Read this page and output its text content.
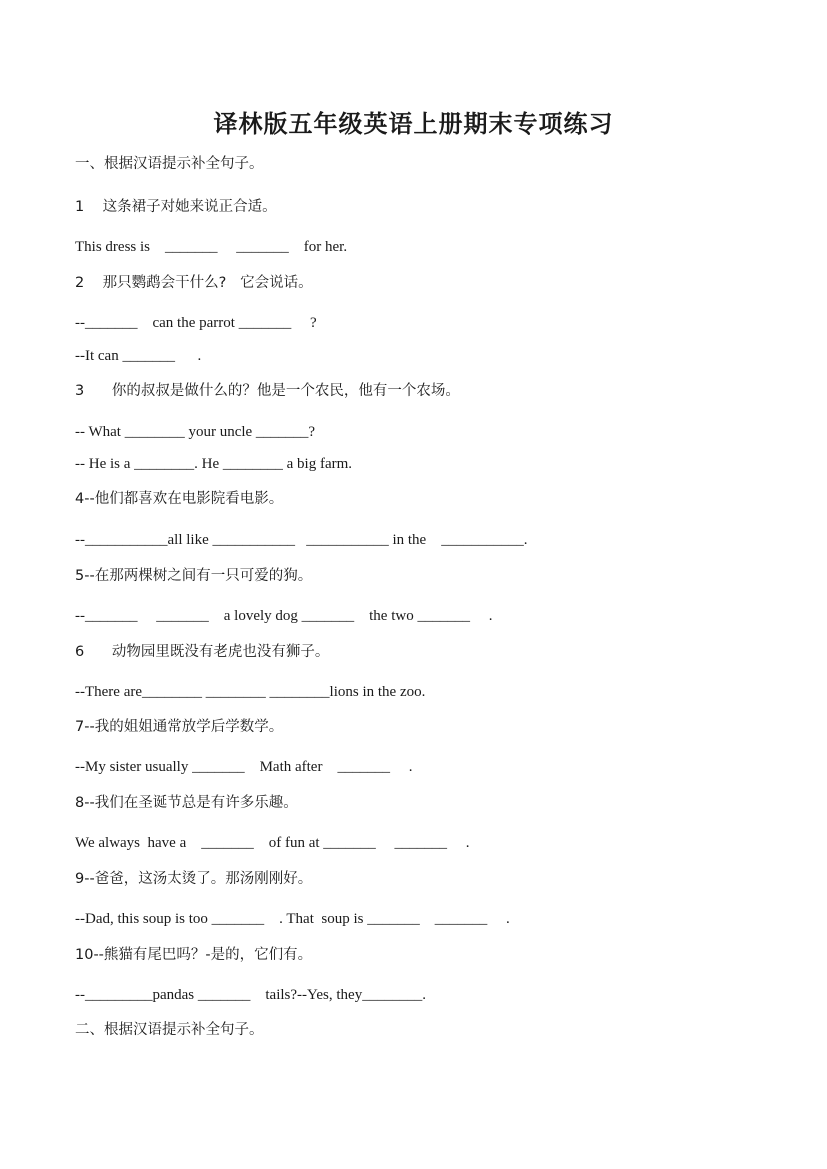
译林版五年级英语上册期末专项练习
一、根据汉语提示补全句子。
1    这条裙子对她来说正合适。
This dress is    _______     _______    for her.
2    那只鹦鹉会干什么?   它会说话。
--_______    can the parrot _______     ?
--It can _______      .
3      你的叔叔是做什么的？他是一个农民，他有一个农场。
-- What ________ your uncle _______?
-- He is a ________. He ________ a big farm.
4--他们都喜欢在电影院看电影。
--___________all like ___________   ___________ in the    ___________.
5--在那两棵树之间有一只可爱的狗。
--_______     _______    a lovely dog _______    the two _______     .
6      动物园里既没有老虎也没有狮子。
--There are________ ________ ________lions in the zoo.
7--我的姐姐通常放学后学数学。
--My sister usually _______    Math after    _______     .
8--我们在圣诞节总是有许多乐趣。
We always  have a    _______    of fun at _______     _______     .
9--爸爸，这汤太烫了。那汤刚刚好。
--Dad, this soup is too _______    . That  soup is _______    _______     .
10--熊猫有尾巴吗？-是的，它们有。
--_________pandas _______    tails?--Yes, they________.
二、根据汉语提示补全句子。
